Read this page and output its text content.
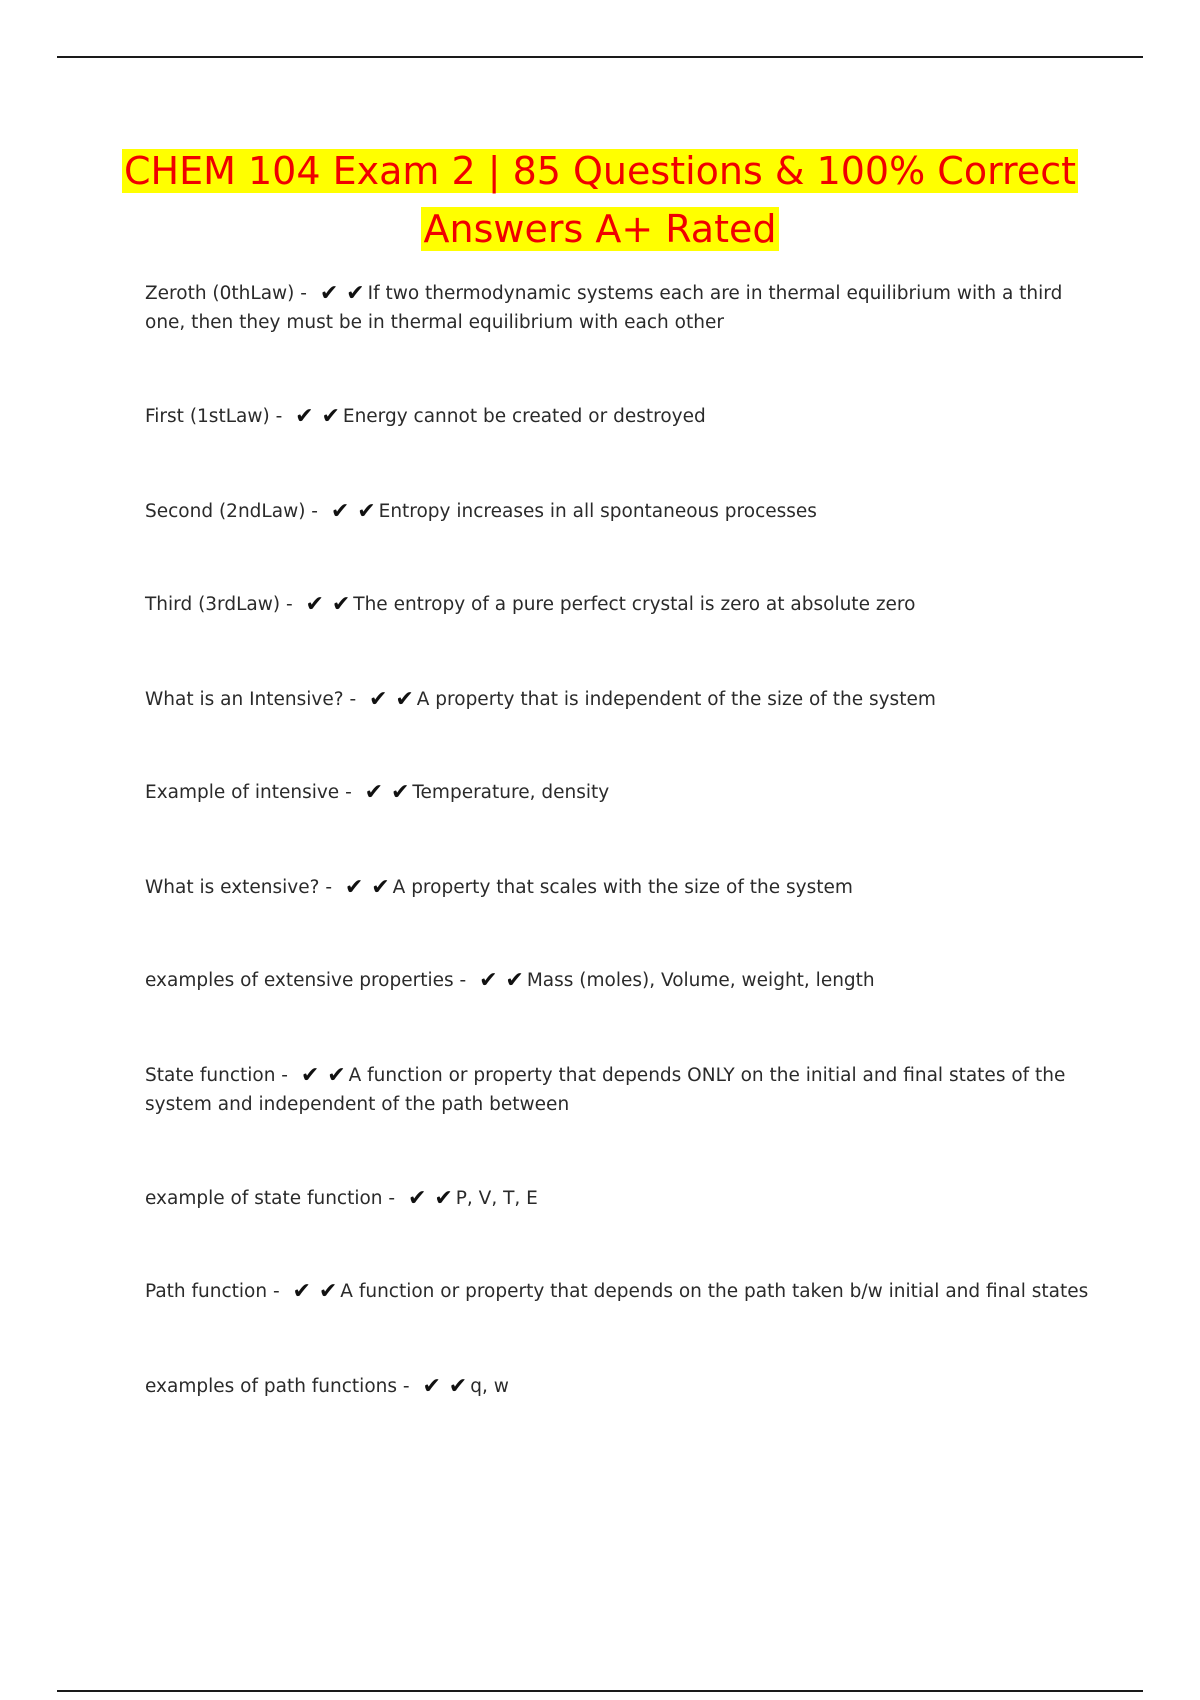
CHEM 104 Exam 2 | 85 Questions & 100% Correct
Answers A+ Rated
Zeroth (0thLaw) - ✔ ✔ If two thermodynamic systems each are in thermal equilibrium with a third one, then they must be in thermal equilibrium with each other
First (1stLaw) - ✔ ✔ Energy cannot be created or destroyed
Second (2ndLaw) - ✔ ✔ Entropy increases in all spontaneous processes
Third (3rdLaw) - ✔ ✔ The entropy of a pure perfect crystal is zero at absolute zero
What is an Intensive? - ✔ ✔ A property that is independent of the size of the system
Example of intensive - ✔ ✔ Temperature, density
What is extensive? - ✔ ✔ A property that scales with the size of the system
examples of extensive properties - ✔ ✔ Mass (moles), Volume, weight, length
State function - ✔ ✔ A function or property that depends ONLY on the initial and final states of the system and independent of the path between
example of state function - ✔ ✔ P, V, T, E
Path function - ✔ ✔ A function or property that depends on the path taken b/w initial and final states
examples of path functions - ✔ ✔ q, w
